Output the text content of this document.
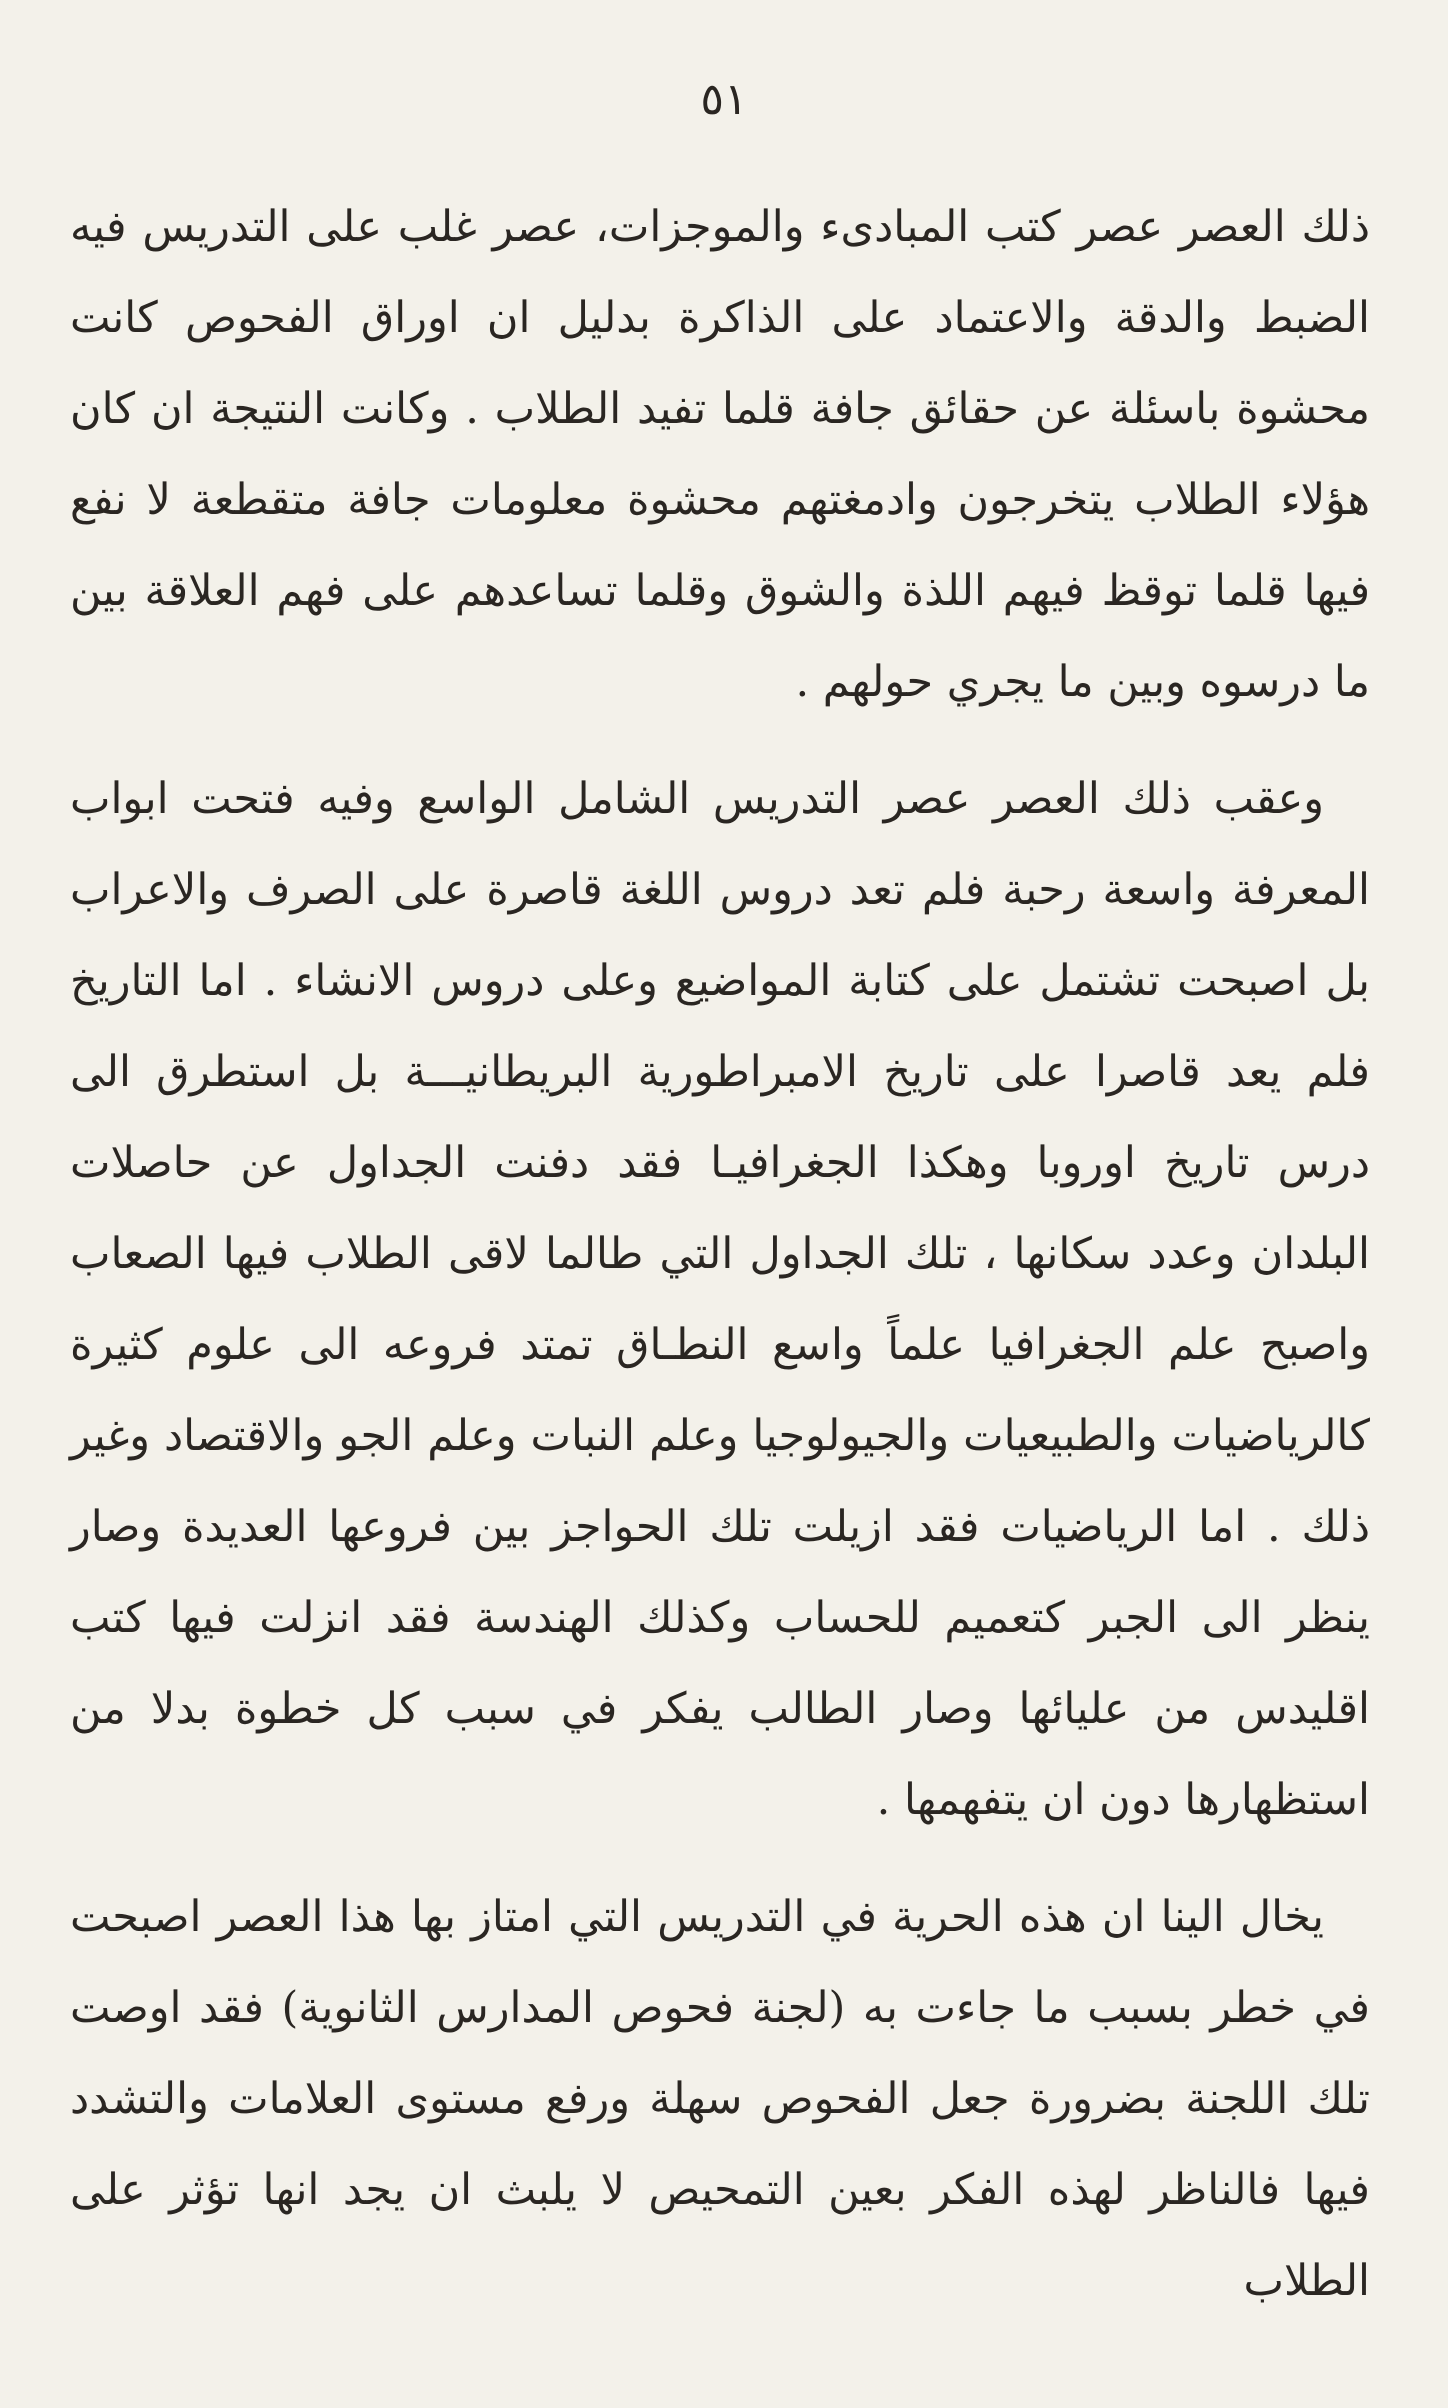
٥١

ذلك العصر عصر كتب المبادىء والموجزات، عصر غلب على التدريس فيه الضبط والدقة والاعتماد على الذاكرة بدليل ان اوراق الفحوص كانت محشوة باسئلة عن حقائق جافة قلما تفيد الطلاب . وكانت النتيجة ان كان هؤلاء الطلاب يتخرجون وادمغتهم محشوة معلومات جافة متقطعة لا نفع فيها قلما توقظ فيهم اللذة والشوق وقلما تساعدهم على فهم العلاقة بين ما درسوه وبين ما يجري حولهم .

وعقب ذلك العصر عصر التدريس الشامل الواسع وفيه فتحت ابواب المعرفة واسعة رحبة فلم تعد دروس اللغة قاصرة على الصرف والاعراب بل اصبحت تشتمل على كتابة المواضيع وعلى دروس الانشاء . اما التاريخ فلم يعد قاصرا على تاريخ الامبراطورية البريطانيـــة بل استطرق الى درس تاريخ اوروبا وهكذا الجغرافيـا فقد دفنت الجداول عن حاصلات البلدان وعدد سكانها ، تلك الجداول التي طالما لاقى الطلاب فيها الصعاب واصبح علم الجغرافيا علماً واسع النطـاق تمتد فروعه الى علوم كثيرة كالرياضيات والطبيعيات والجيولوجيا وعلم النبات وعلم الجو والاقتصاد وغير ذلك . اما الرياضيات فقد ازيلت تلك الحواجز بين فروعها العديدة وصار ينظر الى الجبر كتعميم للحساب وكذلك الهندسة فقد انزلت فيها كتب اقليدس من عليائها وصار الطالب يفكر في سبب كل خطوة بدلا من استظهارها دون ان يتفهمها .

يخال الينا ان هذه الحرية في التدريس التي امتاز بها هذا العصر اصبحت في خطر بسبب ما جاءت به (لجنة فحوص المدارس الثانوية) فقد اوصت تلك اللجنة بضرورة جعل الفحوص سهلة ورفع مستوى العلامات والتشدد فيها فالناظر لهذه الفكر بعين التمحيص لا يلبث ان يجد انها تؤثر على الطلاب
